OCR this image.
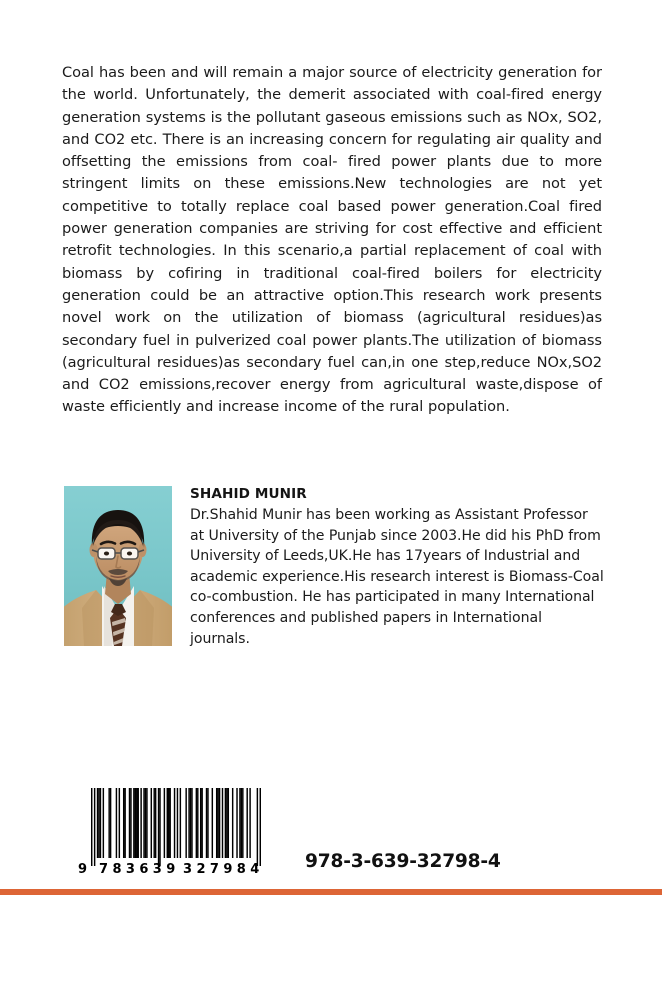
Coal has been and will remain a major source of electricity generation for the world. Unfortunately, the demerit associated with coal-fired energy generation systems is the pollutant gaseous emissions such as NOx, SO2, and CO2 etc. There is an increasing concern for regulating air quality and offsetting the emissions from coal- fired power plants due to more stringent limits on these emissions.New technologies are not yet competitive to totally replace coal based power generation.Coal fired power generation companies are striving for cost effective and efficient retrofit technologies. In this scenario,a partial replacement of coal with biomass by cofiring in traditional coal-fired boilers for electricity generation could be an attractive option.This research work presents novel work on the utilization of biomass (agricultural residues)as secondary fuel in pulverized coal power plants.The utilization of biomass (agricultural residues)as secondary fuel can,in one step,reduce NOx,SO2 and CO2 emissions,recover energy from agricultural waste,dispose of waste efficiently and increase income of the rural population.

SHAHID MUNIR

Dr.Shahid Munir has been working as Assistant Professor at University of the Punjab since 2003.He did his PhD from University of Leeds,UK.He has 17years of Industrial and academic experience.His research interest is Biomass-Coal co-combustion. He has participated in many International conferences and published papers in International journals.

9 783639 327984 978-3-639-32798-4
